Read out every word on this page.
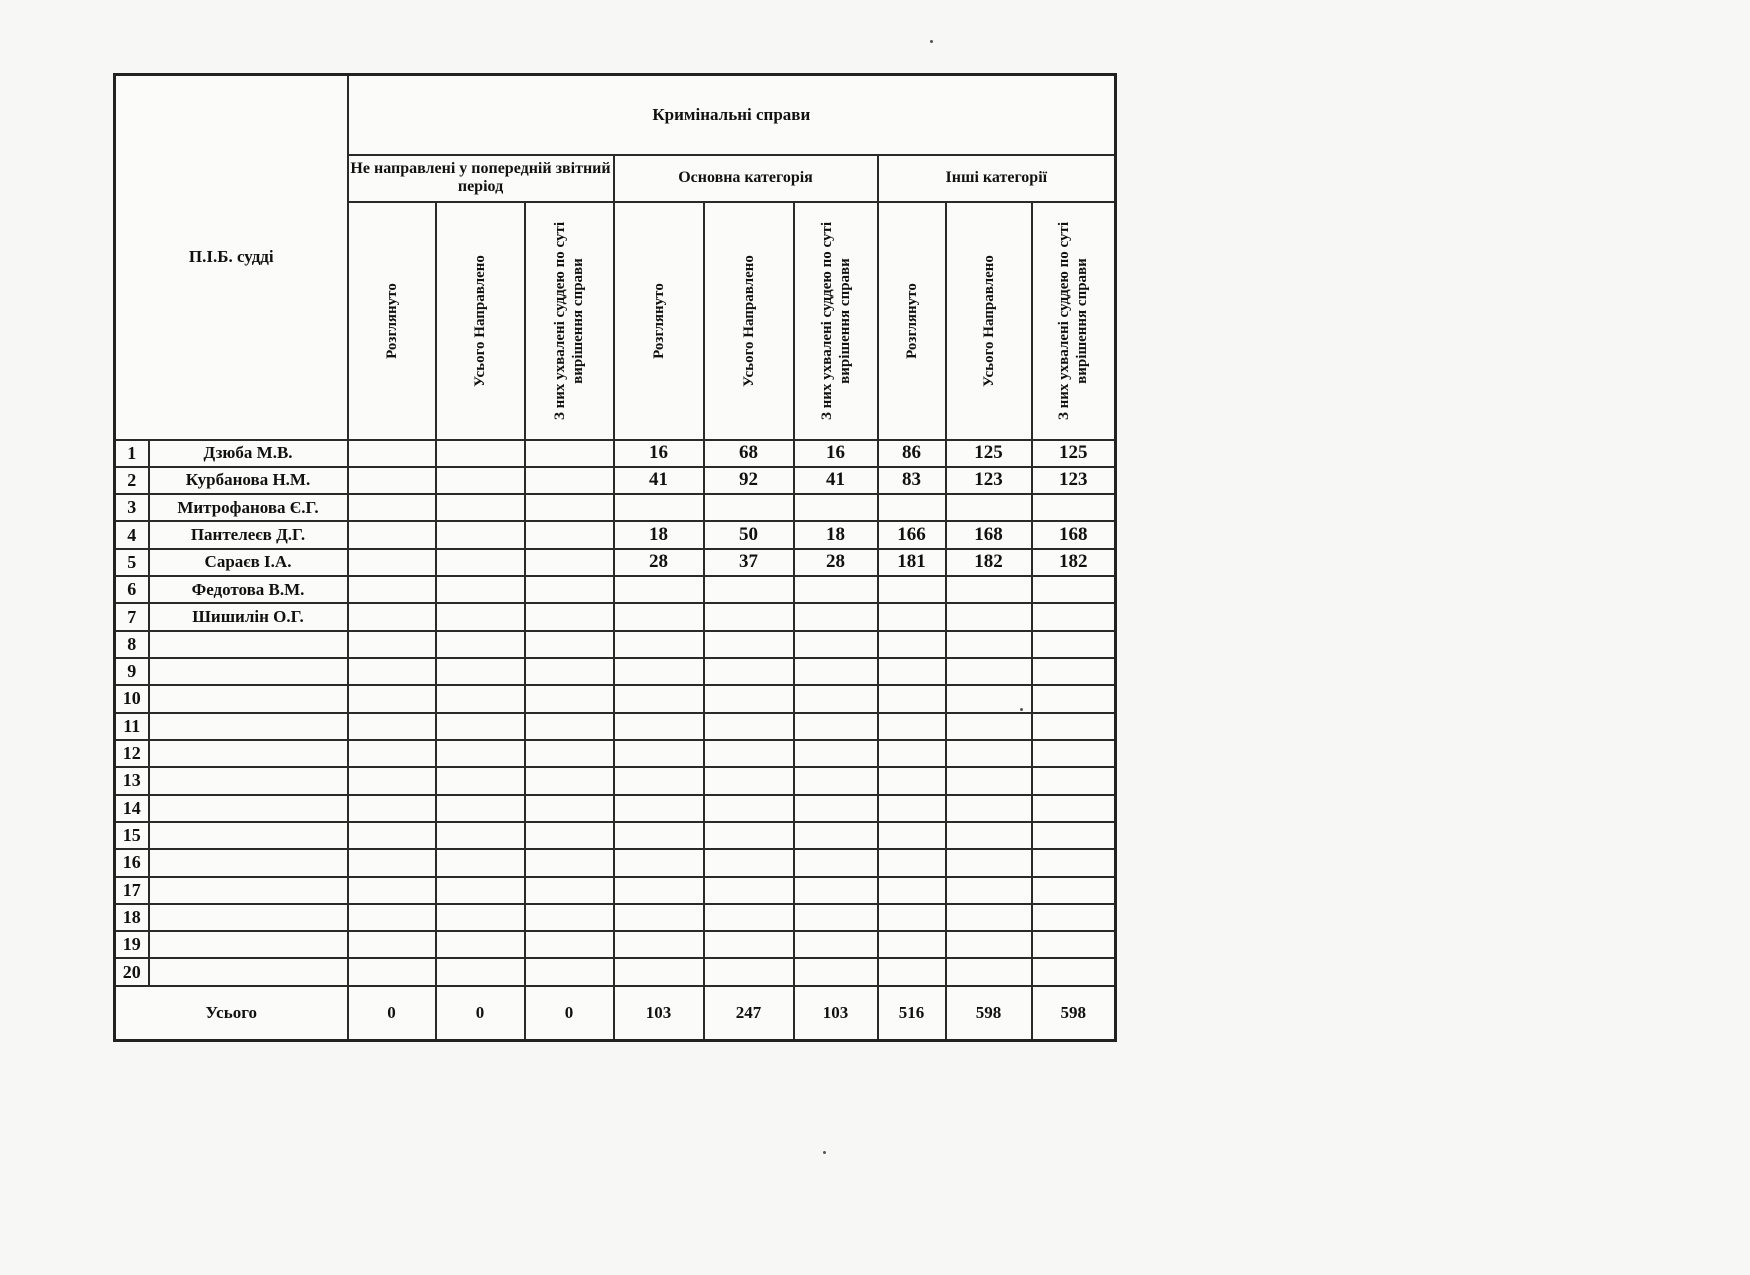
П.І.Б. судді		Кримінальні справи								
		Не направлені у попередній звітний період			Основна категорія			Інші категорії		

		Розглянуто	Усього Направлено	З них ухвалені суддею по суті вирішення справи	Розглянуто	Усього Направлено	З них ухвалені суддею по суті вирішення справи	Розглянуто	Усього Направлено	З них ухвалені суддею по суті вирішення справи

1	Дзюба М.В.				16	68	16	86	125	125
2	Курбанова Н.М.				41	92	41	83	123	123
3	Митрофанова Є.Г.									
4	Пантелеєв Д.Г.				18	50	18	166	168	168
5	Сараєв І.А.				28	37	28	181	182	182
6	Федотова В.М.									
7	Шишилін О.Г.									
8										
9										
10										
11										
12										
13										
14										
15										
16										
17										
18										
19										
20										
Усього		0	0	0	103	247	103	516	598	598
